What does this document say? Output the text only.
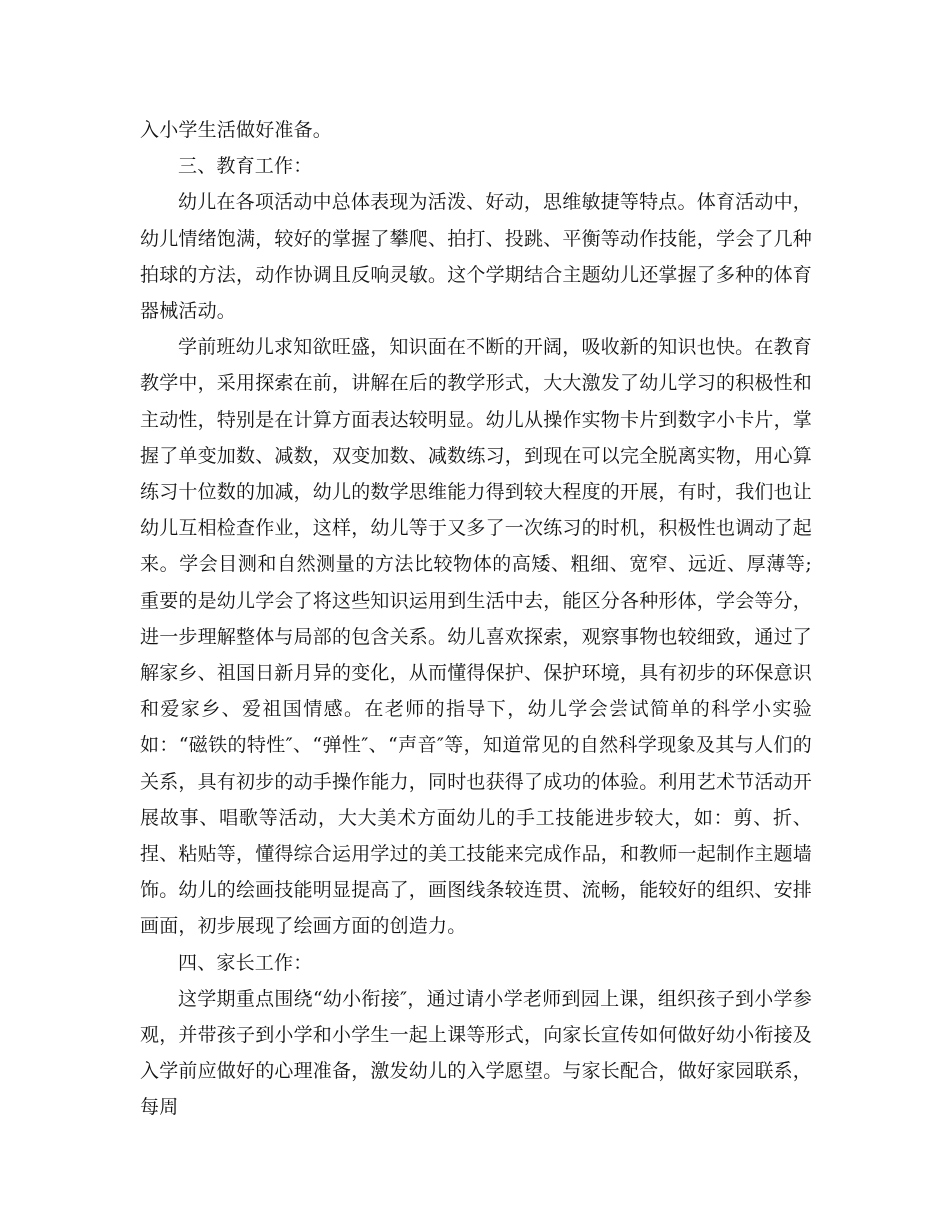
入小学生活做好准备。

三、教育工作：

幼儿在各项活动中总体表现为活泼、好动，思维敏捷等特点。体育活动中，幼儿情绪饱满，较好的掌握了攀爬、拍打、投跳、平衡等动作技能，学会了几种拍球的方法，动作协调且反响灵敏。这个学期结合主题幼儿还掌握了多种的体育器械活动。

学前班幼儿求知欲旺盛，知识面在不断的开阔，吸收新的知识也快。在教育教学中，采用探索在前，讲解在后的教学形式，大大激发了幼儿学习的积极性和主动性，特别是在计算方面表达较明显。幼儿从操作实物卡片到数字小卡片，掌握了单变加数、减数，双变加数、减数练习，到现在可以完全脱离实物，用心算练习十位数的加减，幼儿的数学思维能力得到较大程度的开展，有时，我们也让幼儿互相检查作业，这样，幼儿等于又多了一次练习的时机，积极性也调动了起来。学会目测和自然测量的方法比较物体的高矮、粗细、宽窄、远近、厚薄等;重要的是幼儿学会了将这些知识运用到生活中去，能区分各种形体，学会等分，进一步理解整体与局部的包含关系。幼儿喜欢探索，观察事物也较细致，通过了解家乡、祖国日新月异的变化，从而懂得保护、保护环境，具有初步的环保意识和爱家乡、爱祖国情感。在老师的指导下，幼儿学会尝试简单的科学小实验如：“磁铁的特性″、“弹性″、“声音″等，知道常见的自然科学现象及其与人们的关系，具有初步的动手操作能力，同时也获得了成功的体验。利用艺术节活动开展故事、唱歌等活动，大大美术方面幼儿的手工技能进步较大，如：剪、折、捏、粘贴等，懂得综合运用学过的美工技能来完成作品，和教师一起制作主题墙饰。幼儿的绘画技能明显提高了，画图线条较连贯、流畅，能较好的组织、安排画面，初步展现了绘画方面的创造力。

四、家长工作：

这学期重点围绕“幼小衔接″，通过请小学老师到园上课，组织孩子到小学参观，并带孩子到小学和小学生一起上课等形式，向家长宣传如何做好幼小衔接及入学前应做好的心理准备，激发幼儿的入学愿望。与家长配合，做好家园联系，每周
